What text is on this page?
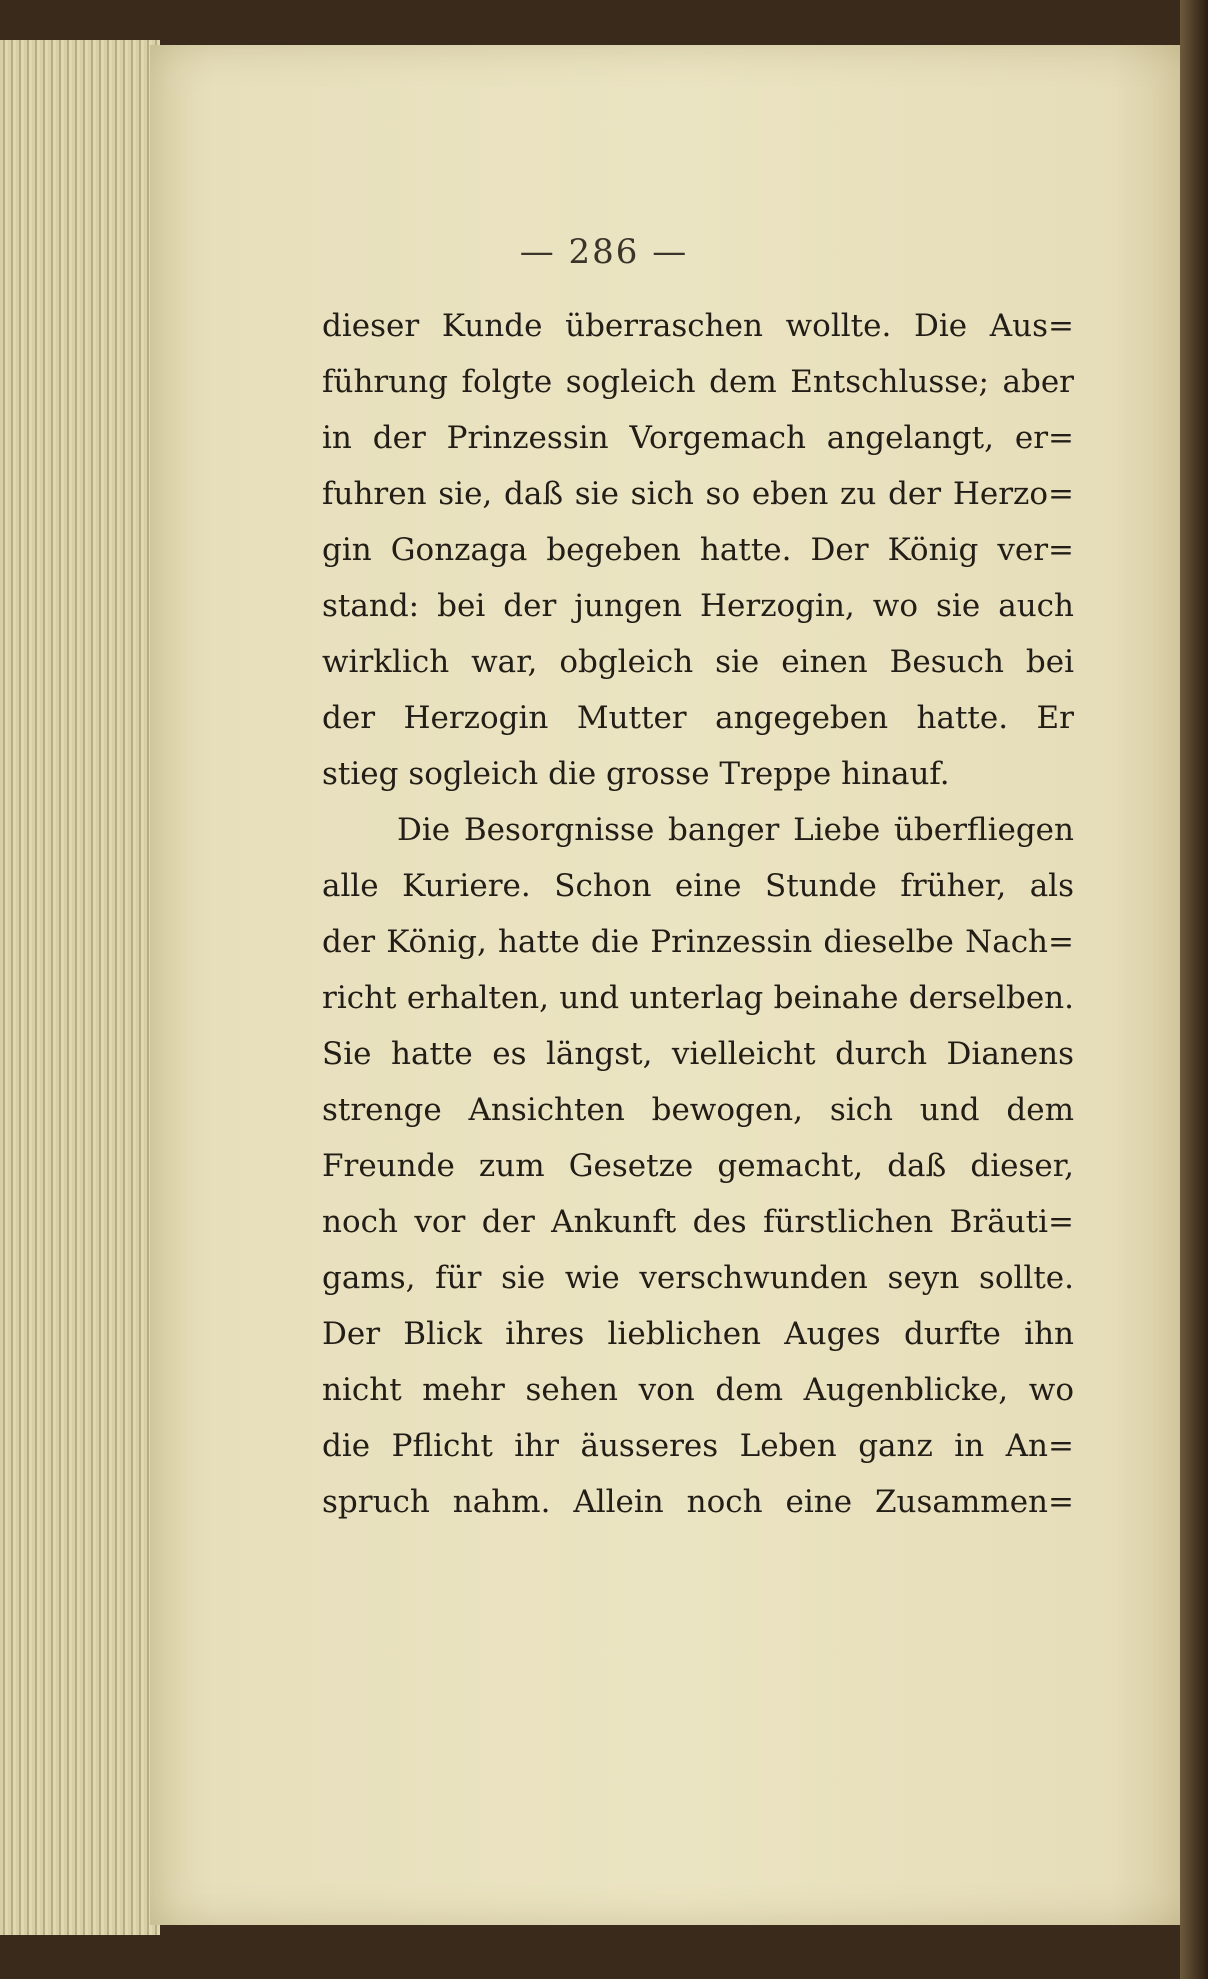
— 286 —
dieser Kunde überraschen wollte. Die Aus=
führung folgte sogleich dem Entschlusse; aber
in der Prinzessin Vorgemach angelangt, er=
fuhren sie, daß sie sich so eben zu der Herzo=
gin Gonzaga begeben hatte. Der König ver=
stand: bei der jungen Herzogin, wo sie auch
wirklich war, obgleich sie einen Besuch bei
der Herzogin Mutter angegeben hatte. Er
stieg sogleich die grosse Treppe hinauf.
Die Besorgnisse banger Liebe überfliegen
alle Kuriere. Schon eine Stunde früher, als
der König, hatte die Prinzessin dieselbe Nach=
richt erhalten, und unterlag beinahe derselben.
Sie hatte es längst, vielleicht durch Dianens
strenge Ansichten bewogen, sich und dem
Freunde zum Gesetze gemacht, daß dieser,
noch vor der Ankunft des fürstlichen Bräuti=
gams, für sie wie verschwunden seyn sollte.
Der Blick ihres lieblichen Auges durfte ihn
nicht mehr sehen von dem Augenblicke, wo
die Pflicht ihr äusseres Leben ganz in An=
spruch nahm. Allein noch eine Zusammen=
